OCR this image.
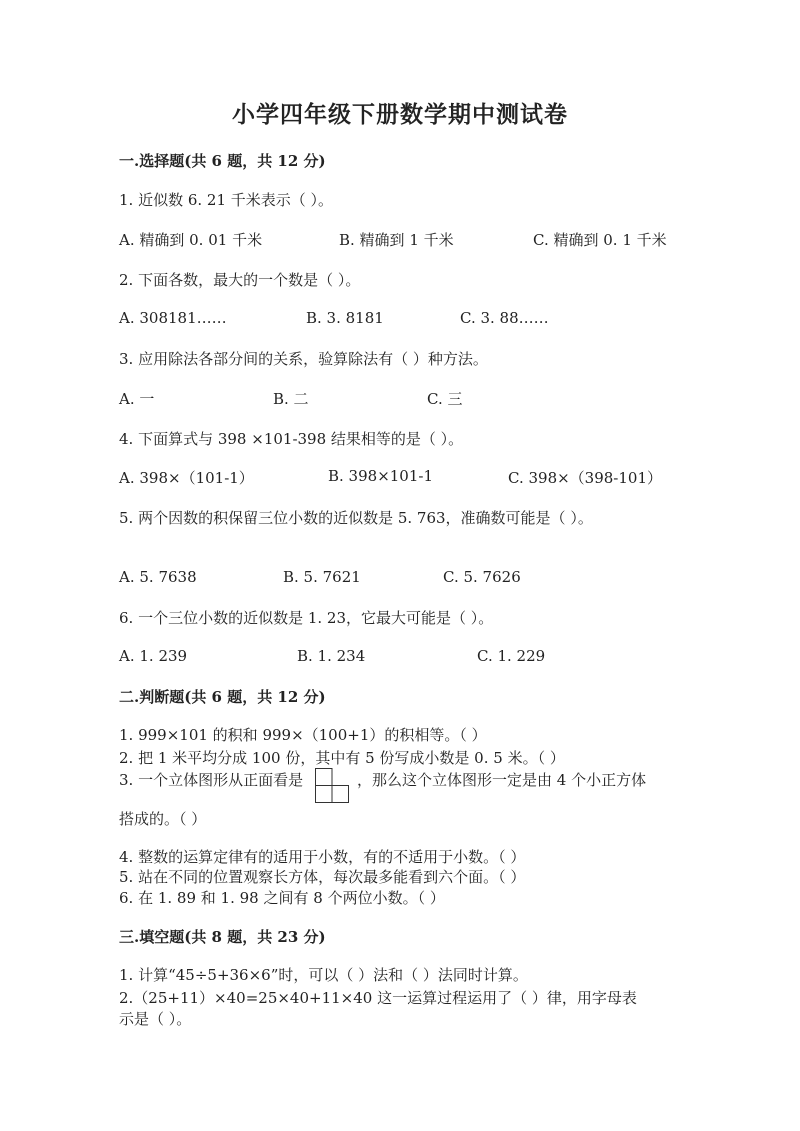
小学四年级下册数学期中测试卷
一.选择题(共 6 题，共 12 分)
1. 近似数 6. 21 千米表示（ ）。
A. 精确到 0. 01 千米	B. 精确到 1 千米	C. 精确到 0. 1 千米
2. 下面各数，最大的一个数是（ ）。
A. 308181……	B. 3. 8181	C. 3. 88……
3. 应用除法各部分间的关系，验算除法有（ ）种方法。
A. 一	B. 二	C. 三
4. 下面算式与 398 ×101-398 结果相等的是（ ）。
A. 398×（101-1）	B. 398×101-1	C. 398×（398-101）
5. 两个因数的积保留三位小数的近似数是 5. 763，准确数可能是（ ）。
A. 5. 7638	B. 5. 7621	C. 5. 7626
6. 一个三位小数的近似数是 1. 23，它最大可能是（ ）。
A. 1. 239	B. 1. 234	C. 1. 229
二.判断题(共 6 题，共 12 分)
1. 999×101 的积和 999×（100+1）的积相等。（ ）
2. 把 1 米平均分成 100 份，其中有 5 份写成小数是 0. 5 米。（ ）
3. 一个立体图形从正面看是	，那么这个立体图形一定是由 4 个小正方体
搭成的。（ ）
4. 整数的运算定律有的适用于小数，有的不适用于小数。（ ）
5. 站在不同的位置观察长方体，每次最多能看到六个面。（ ）
6. 在 1. 89 和 1. 98 之间有 8 个两位小数。（ ）
三.填空题(共 8 题，共 23 分)
1. 计算“45÷5+36×6”时，可以（ ）法和（ ）法同时计算。
2.（25+11）×40=25×40+11×40 这一运算过程运用了（ ）律，用字母表
示是（ ）。
